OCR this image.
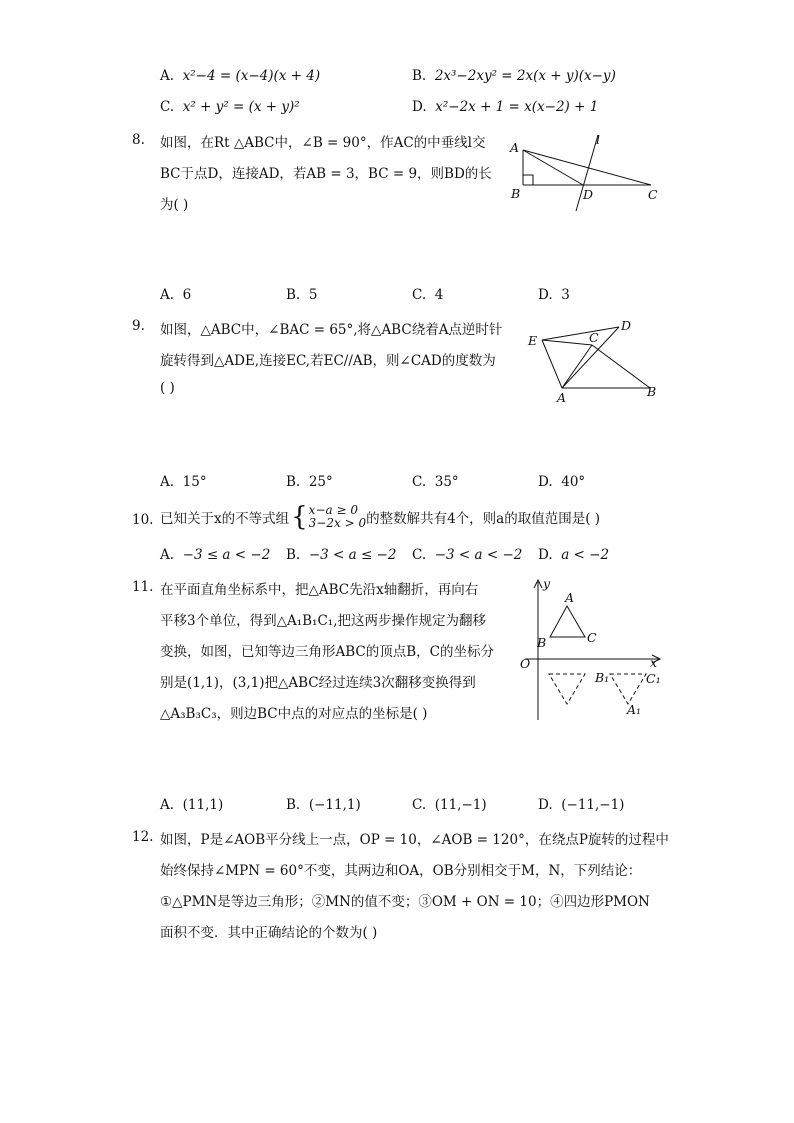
A. x²−4 = (x−4)(x + 4)	B. 2x³−2xy² = 2x(x + y)(x−y)
C. x² + y² = (x + y)²	D. x²−2x + 1 = x(x−2) + 1
8. 如图，在Rt △ABC中，∠B = 90°，作AC的中垂线l交
BC于点D，连接AD，若AB = 3，BC = 9，则BD的长
为( )
A
B	C
D
l
A. 6	B. 5	C. 4	D. 3
9. 如图，△ABC中，∠BAC = 65°,将△ABC绕着A点逆时针
旋转得到△ADE,连接EC,若EC//AB，则∠CAD的度数为
( )
A	B
C
D
E
A. 15°	B. 25°	C. 35°	D. 40°
10. 已知关于x的不等式组 { x−a ≥ 0
3−2x > 0 的整数解共有4个，则a的取值范围是( )
A. −3 ≤ a < −2 B. −3 < a ≤ −2 C. −3 < a < −2 D. a < −2
11. 在平面直角坐标系中，把△ABC先沿x轴翻折，再向右
平移3个单位，得到△A₁B₁C₁,把这两步操作规定为翻移
变换，如图，已知等边三角形ABC的顶点B，C的坐标分
别是(1,1)，(3,1)把△ABC经过连续3次翻移变换得到
△A₃B₃C₃，则边BC中点的对应点的坐标是( )
y
x
O
A
B	C
B₁	C₁
A₁
A. (11,1)	B. (−11,1)	C. (11,−1)	D. (−11,−1)
12. 如图，P是∠AOB平分线上一点，OP = 10，∠AOB = 120°，在绕点P旋转的过程中
始终保持∠MPN = 60°不变，其两边和OA，OB分别相交于M，N，下列结论：
①△PMN是等边三角形；②MN的值不变；③OM + ON = 10；④四边形PMON
面积不变．其中正确结论的个数为( )
